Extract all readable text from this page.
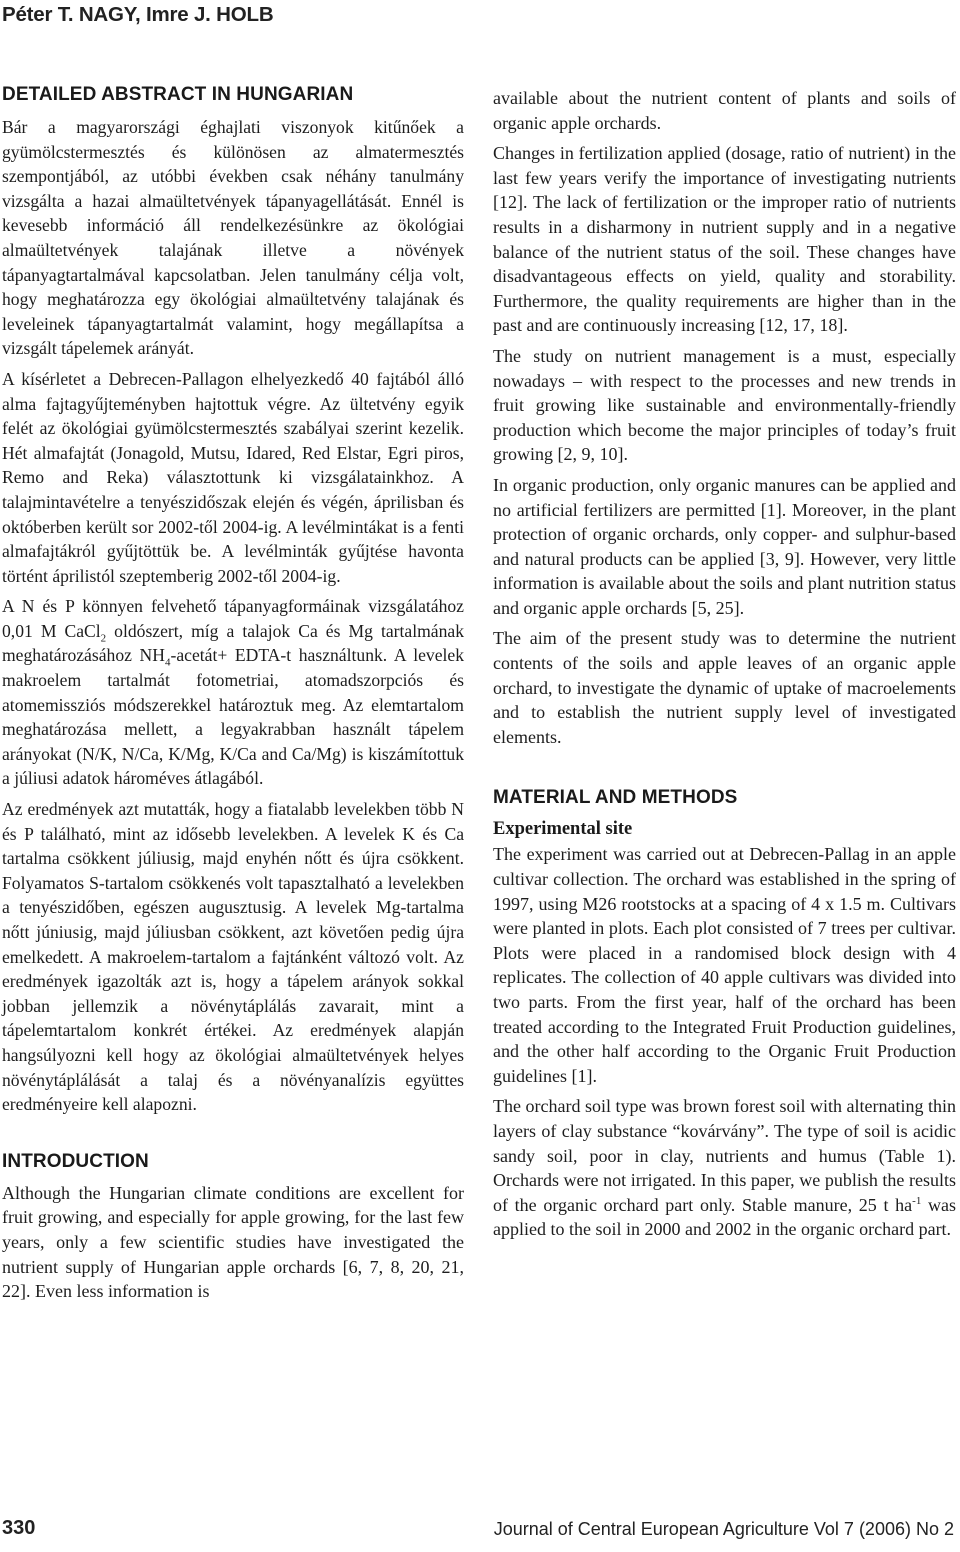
Péter T. NAGY, Imre J. HOLB
DETAILED ABSTRACT IN HUNGARIAN

Bár a magyarországi éghajlati viszonyok kitűnőek a gyümölcstermesztés és különösen az almatermesztés szempontjából, az utóbbi években csak néhány tanulmány vizsgálta a hazai almaültetvények tápanyagellátását. Ennél is kevesebb információ áll rendelkezésünkre az ökológiai almaültetvények talajának illetve a növények tápanyagtartalmával kapcsolatban. Jelen tanulmány célja volt, hogy meghatározza egy ökológiai almaültetvény talajának és leveleinek tápanyagtartalmát valamint, hogy megállapítsa a vizsgált tápelemek arányát.

A kísérletet a Debrecen-Pallagon elhelyezkedő 40 fajtából álló alma fajtagyűjteményben hajtottuk végre. Az ültetvény egyik felét az ökológiai gyümölcstermesztés szabályai szerint kezelik. Hét almafajtát (Jonagold, Mutsu, Idared, Red Elstar, Egri piros, Remo and Reka) választottunk ki vizsgálatainkhoz. A talajmintavételre a tenyészidőszak elején és végén, áprilisban és októberben került sor 2002-től 2004-ig. A levélmintákat is a fenti almafajtákról gyűjtöttük be. A levélminták gyűjtése havonta történt áprilistól szeptemberig 2002-től 2004-ig.

A N és P könnyen felvehető tápanyagformáinak vizsgálatához 0,01 M CaCl$_2$ oldószert, míg a talajok Ca és Mg tartalmának meghatározásához $NH_4-acetát+$ EDTA-t használtunk. A levelek makroelem tartalmát fotometriai, atomadszorpciós és atomemissziós módszerekkel határoztuk meg. Az elemtartalom meghatározása mellett, a legyakrabban használt tápelem arányokat (N/K, N/Ca, K/Mg, K/Ca and Ca/Mg) is kiszámítottuk a júliusi adatok hároméves átlagából.

Az eredmények azt mutatták, hogy a fiatalabb levelekben több N és P található, mint az idősebb levelekben. A levelek K és Ca tartalma csökkent júliusig, majd enyhén nőtt és újra csökkent. Folyamatos S-tartalom csökkenés volt tapasztalható a levelekben a tenyészidőben, egészen augusztusig. A levelek Mg-tartalma nőtt júniusig, majd júliusban csökkent, azt követően pedig újra emelkedett. A makroelem-tartalom a fajtánként változó volt. Az eredmények igazolták azt is, hogy a tápelem arányok sokkal jobban jellemzik a növénytáplálás zavarait, mint a tápelemtartalom konkrét értékei. Az eredmények alapján hangsúlyozni kell hogy az ökológiai almaültetvények helyes növénytáplálását a talaj és a növényanalízis együttes eredményeire kell alapozni.

INTRODUCTION

Although the Hungarian climate conditions are excellent for fruit growing, and especially for apple growing, for the last few years, only a few scientific studies have investigated the nutrient supply of Hungarian apple orchards [6, 7, 8, 20, 21, 22]. Even less information is

available about the nutrient content of plants and soils of organic apple orchards.

Changes in fertilization applied (dosage, ratio of nutrient) in the last few years verify the importance of investigating nutrients [12]. The lack of fertilization or the improper ratio of nutrients results in a disharmony in nutrient supply and in a negative balance of the nutrient status of the soil. These changes have disadvantageous effects on yield, quality and storability. Furthermore, the quality requirements are higher than in the past and are continuously increasing [12, 17, 18].

The study on nutrient management is a must, especially nowadays – with respect to the processes and new trends in fruit growing like sustainable and environmentally-friendly production which become the major principles of today’s fruit growing [2, 9, 10].

In organic production, only organic manures can be applied and no artificial fertilizers are permitted [1]. Moreover, in the plant protection of organic orchards, only copper- and sulphur-based and natural products can be applied [3, 9]. However, very little information is available about the soils and plant nutrition status and organic apple orchards [5, 25].

The aim of the present study was to determine the nutrient contents of the soils and apple leaves of an organic apple orchard, to investigate the dynamic of uptake of macroelements and to establish the nutrient supply level of investigated elements.

MATERIAL AND METHODS
Experimental site

The experiment was carried out at Debrecen-Pallag in an apple cultivar collection. The orchard was established in the spring of 1997, using M26 rootstocks at a spacing of 4 x 1.5 m. Cultivars were planted in plots. Each plot consisted of 7 trees per cultivar. Plots were placed in a randomised block design with 4 replicates. The collection of 40 apple cultivars was divided into two parts. From the first year, half of the orchard has been treated according to the Integrated Fruit Production guidelines, and the other half according to the Organic Fruit Production guidelines [1].

The orchard soil type was brown forest soil with alternating thin layers of clay substance “kovárvány”. The type of soil is acidic sandy soil, poor in clay, nutrients and humus (Table 1). Orchards were not irrigated. In this paper, we publish the results of the organic orchard part only. Stable manure, 25 t $ha^{-1}$ was applied to the soil in 2000 and 2002 in the organic orchard part.

330	Journal of Central European Agriculture Vol 7 (2006) No 2
